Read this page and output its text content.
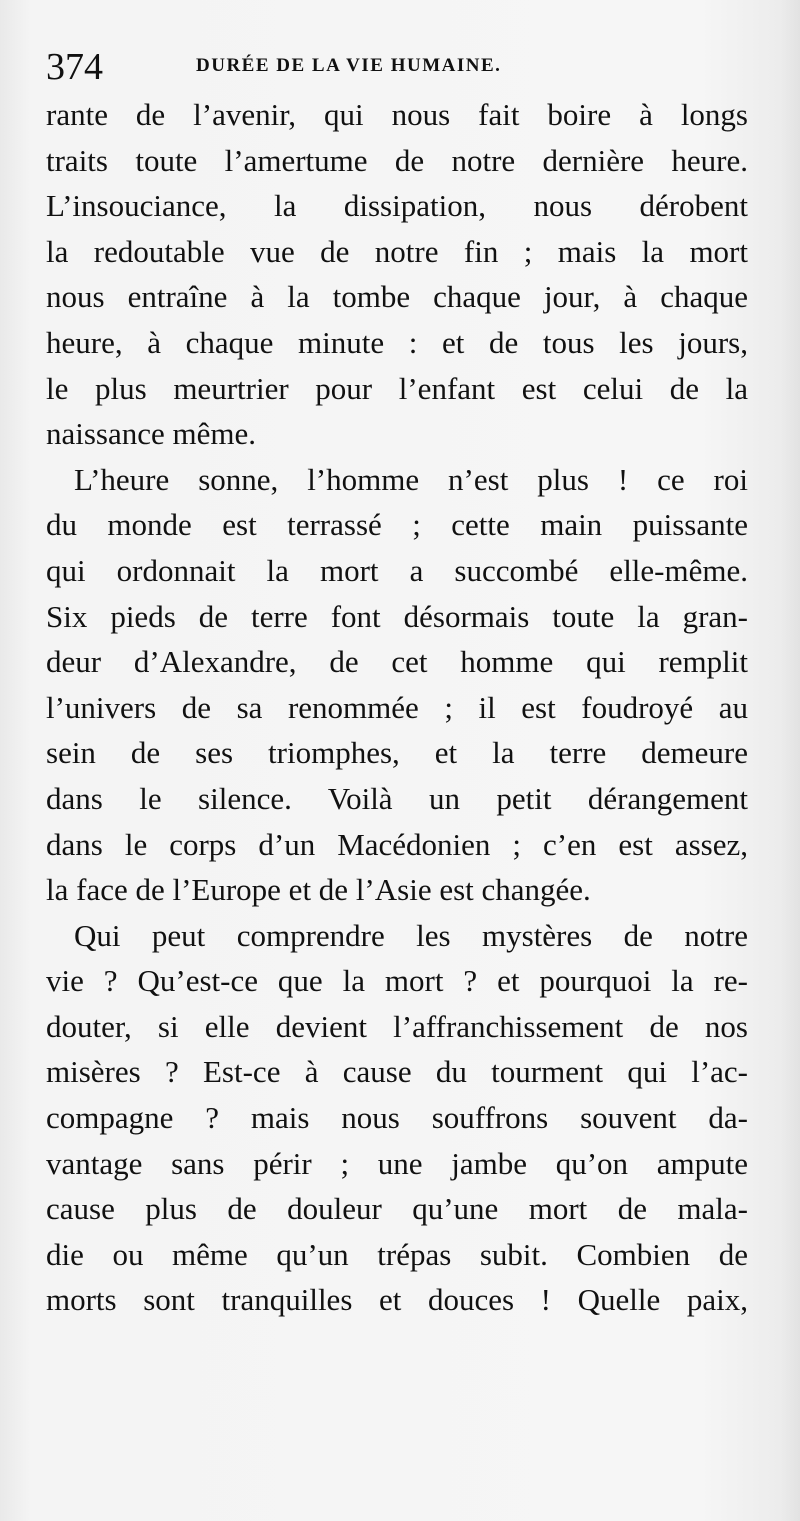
374	DURÉE DE LA VIE HUMAINE.
rante de l’avenir, qui nous fait boire à longs
traits toute l’amertume de notre dernière heure.
L’insouciance, la dissipation, nous dérobent
la redoutable vue de notre fin ; mais la mort
nous entraîne à la tombe chaque jour, à chaque
heure, à chaque minute : et de tous les jours,
le plus meurtrier pour l’enfant est celui de la
naissance même.
L’heure sonne, l’homme n’est plus ! ce roi
du monde est terrassé ; cette main puissante
qui ordonnait la mort a succombé elle-même.
Six pieds de terre font désormais toute la gran-
deur d’Alexandre, de cet homme qui remplit
l’univers de sa renommée ; il est foudroyé au
sein de ses triomphes, et la terre demeure
dans le silence. Voilà un petit dérangement
dans le corps d’un Macédonien ; c’en est assez,
la face de l’Europe et de l’Asie est changée.
Qui peut comprendre les mystères de notre
vie ? Qu’est-ce que la mort ? et pourquoi la re-
douter, si elle devient l’affranchissement de nos
misères ? Est-ce à cause du tourment qui l’ac-
compagne ? mais nous souffrons souvent da-
vantage sans périr ; une jambe qu’on ampute
cause plus de douleur qu’une mort de mala-
die ou même qu’un trépas subit. Combien de
morts sont tranquilles et douces ! Quelle paix,
